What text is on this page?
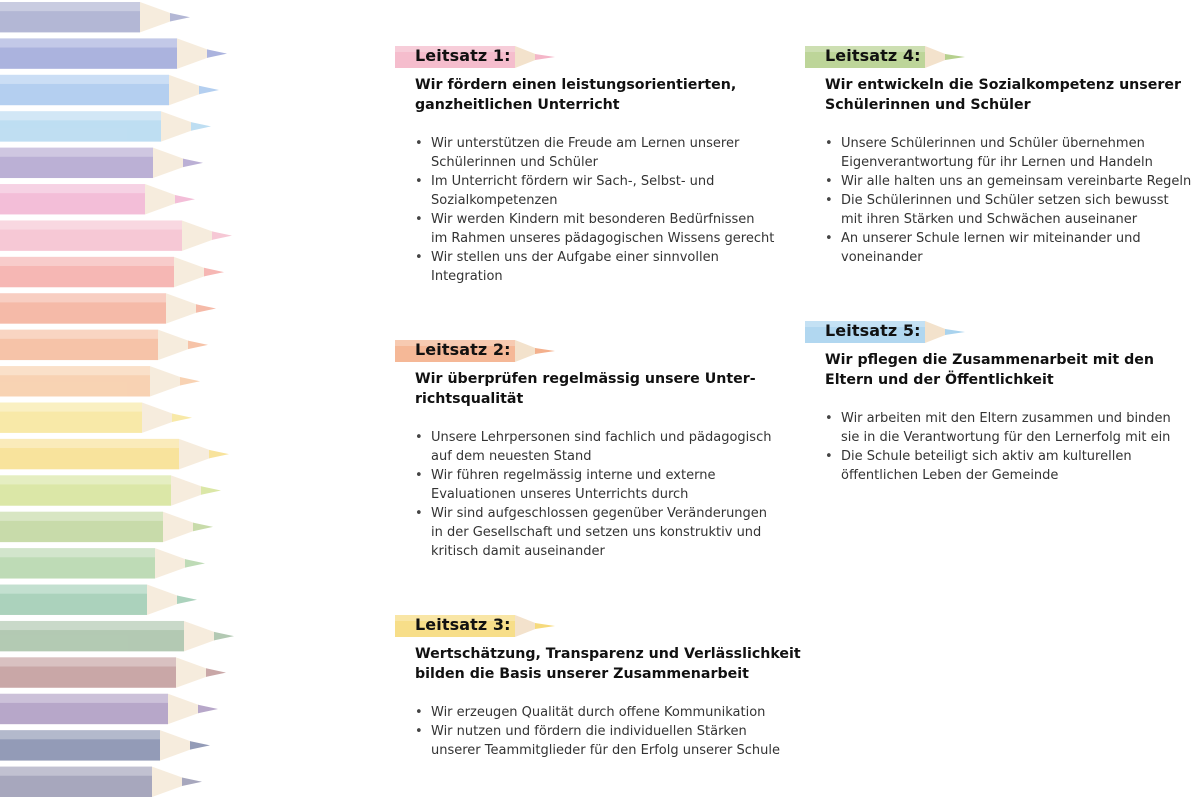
Leitsatz 1:
Wir fördern einen leistungsorientierten,
ganzheitlichen Unterricht
• Wir unterstützen die Freude am Lernen unserer
Schülerinnen und Schüler
• Im Unterricht fördern wir Sach-, Selbst- und
Sozialkompetenzen
• Wir werden Kindern mit besonderen Bedürfnissen
im Rahmen unseres pädagogischen Wissens gerecht
• Wir stellen uns der Aufgabe einer sinnvollen
Integration
Leitsatz 2:
Wir überprüfen regelmässig unsere Unter-
richtsqualität
• Unsere Lehrpersonen sind fachlich und pädagogisch
auf dem neuesten Stand
• Wir führen regelmässig interne und externe
Evaluationen unseres Unterrichts durch
• Wir sind aufgeschlossen gegenüber Veränderungen
in der Gesellschaft und setzen uns konstruktiv und
kritisch damit auseinander
Leitsatz 3:
Wertschätzung, Transparenz und Verlässlichkeit
bilden die Basis unserer Zusammenarbeit
• Wir erzeugen Qualität durch offene Kommunikation
• Wir nutzen und fördern die individuellen Stärken
unserer Teammitglieder für den Erfolg unserer Schule
Leitsatz 4:
Wir entwickeln die Sozialkompetenz unserer
Schülerinnen und Schüler
• Unsere Schülerinnen und Schüler übernehmen
Eigenverantwortung für ihr Lernen und Handeln
• Wir alle halten uns an gemeinsam vereinbarte Regeln
• Die Schülerinnen und Schüler setzen sich bewusst
mit ihren Stärken und Schwächen auseinaner
• An unserer Schule lernen wir miteinander und
voneinander
Leitsatz 5:
Wir pflegen die Zusammenarbeit mit den
Eltern und der Öffentlichkeit
• Wir arbeiten mit den Eltern zusammen und binden
sie in die Verantwortung für den Lernerfolg mit ein
• Die Schule beteiligt sich aktiv am kulturellen
öffentlichen Leben der Gemeinde
